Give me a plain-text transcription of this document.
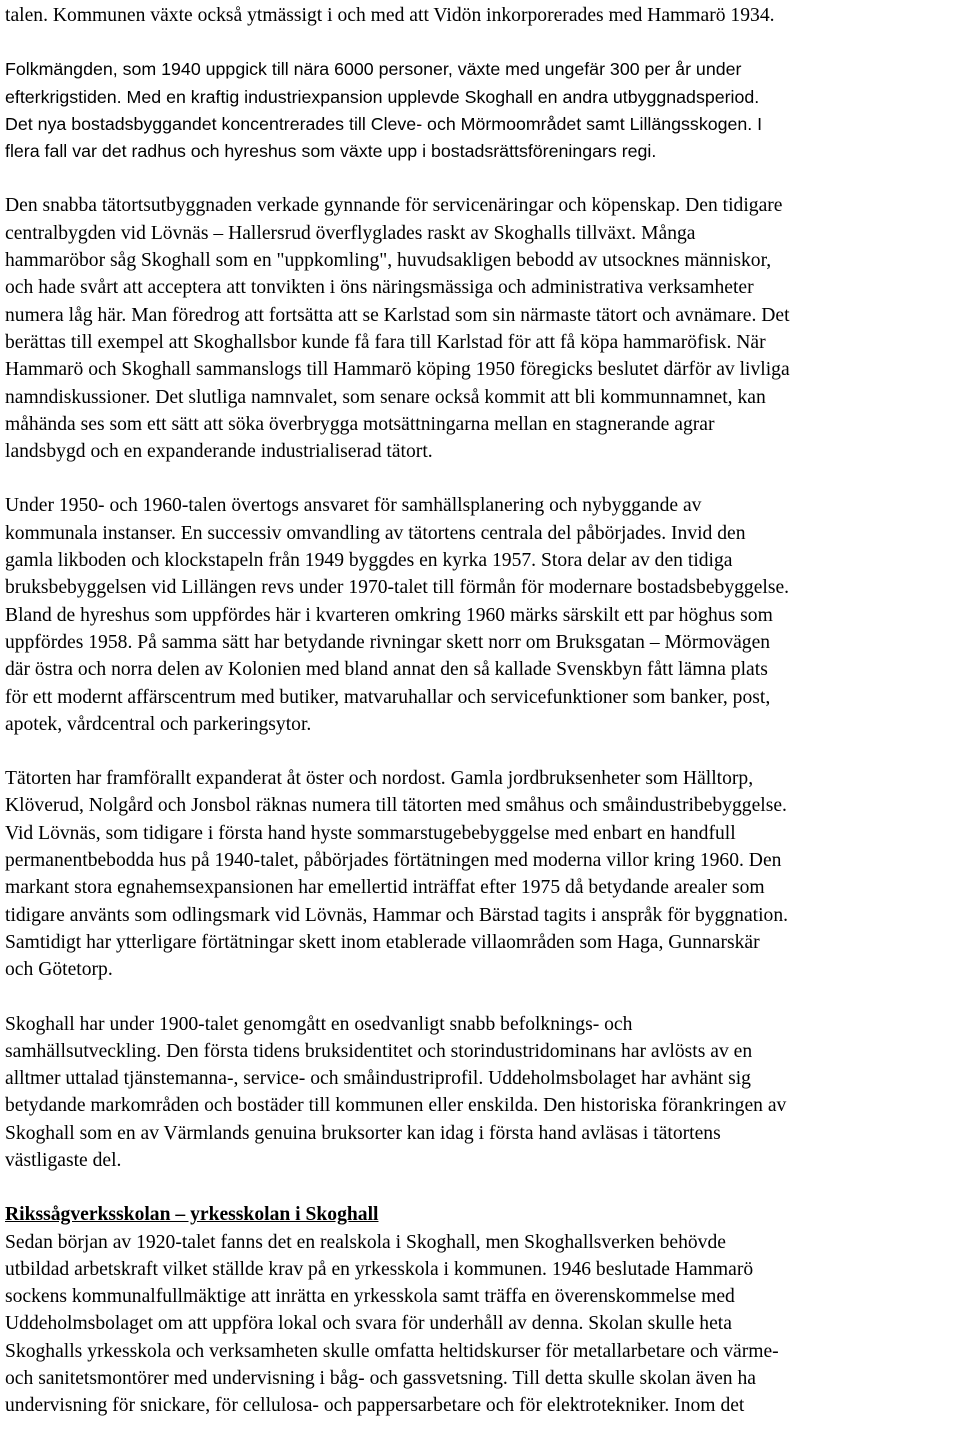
talen. Kommunen växte också ytmässigt i och med att Vidön inkorporerades med Hammarö 1934.

Folkmängden, som 1940 uppgick till nära 6000 personer, växte med ungefär 300 per år under
efterkrigstiden. Med en kraftig industriexpansion upplevde Skoghall en andra utbyggnadsperiod.
Det nya bostadsbyggandet koncentrerades till Cleve- och Mörmoområdet samt Lillängsskogen. I
flera fall var det radhus och hyreshus som växte upp i bostadsrättsföreningars regi.

Den snabba tätortsutbyggnaden verkade gynnande för servicenäringar och köpenskap. Den tidigare
centralbygden vid Lövnäs – Hallersrud överflyglades raskt av Skoghalls tillväxt. Många
hammaröbor såg Skoghall som en "uppkomling", huvudsakligen bebodd av utsocknes människor,
och hade svårt att acceptera att tonvikten i öns näringsmässiga och administrativa verksamheter
numera låg här. Man föredrog att fortsätta att se Karlstad som sin närmaste tätort och avnämare. Det
berättas till exempel att Skoghallsbor kunde få fara till Karlstad för att få köpa hammaröfisk. När
Hammarö och Skoghall sammanslogs till Hammarö köping 1950 föregicks beslutet därför av livliga
namndiskussioner. Det slutliga namnvalet, som senare också kommit att bli kommunnamnet, kan
måhända ses som ett sätt att söka överbrygga motsättningarna mellan en stagnerande agrar
landsbygd och en expanderande industrialiserad tätort.

Under 1950- och 1960-talen övertogs ansvaret för samhällsplanering och nybyggande av
kommunala instanser. En successiv omvandling av tätortens centrala del påbörjades. Invid den
gamla likboden och klockstapeln från 1949 byggdes en kyrka 1957. Stora delar av den tidiga
bruksbebyggelsen vid Lillängen revs under 1970-talet till förmån för modernare bostadsbebyggelse.
Bland de hyreshus som uppfördes här i kvarteren omkring 1960 märks särskilt ett par höghus som
uppfördes 1958. På samma sätt har betydande rivningar skett norr om Bruksgatan – Mörmovägen
där östra och norra delen av Kolonien med bland annat den så kallade Svenskbyn fått lämna plats
för ett modernt affärscentrum med butiker, matvaruhallar och servicefunktioner som banker, post,
apotek, vårdcentral och parkeringsytor.

Tätorten har framförallt expanderat åt öster och nordost. Gamla jordbruksenheter som Hälltorp,
Klöverud, Nolgård och Jonsbol räknas numera till tätorten med småhus och småindustribebyggelse.
Vid Lövnäs, som tidigare i första hand hyste sommarstugebebyggelse med enbart en handfull
permanentbebodda hus på 1940-talet, påbörjades förtätningen med moderna villor kring 1960. Den
markant stora egnahemsexpansionen har emellertid inträffat efter 1975 då betydande arealer som
tidigare använts som odlingsmark vid Lövnäs, Hammar och Bärstad tagits i anspråk för byggnation.
Samtidigt har ytterligare förtätningar skett inom etablerade villaområden som Haga, Gunnarskär
och Götetorp.

Skoghall har under 1900-talet genomgått en osedvanligt snabb befolknings- och
samhällsutveckling. Den första tidens bruksidentitet och storindustridominans har avlösts av en
alltmer uttalad tjänstemanna-, service- och småindustriprofil. Uddeholmsbolaget har avhänt sig
betydande markområden och bostäder till kommunen eller enskilda. Den historiska förankringen av
Skoghall som en av Värmlands genuina bruksorter kan idag i första hand avläsas i tätortens
västligaste del.

Rikssågverksskolan – yrkesskolan i Skoghall

Sedan början av 1920-talet fanns det en realskola i Skoghall, men Skoghallsverken behövde
utbildad arbetskraft vilket ställde krav på en yrkesskola i kommunen. 1946 beslutade Hammarö
sockens kommunalfullmäktige att inrätta en yrkesskola samt träffa en överenskommelse med
Uddeholmsbolaget om att uppföra lokal och svara för underhåll av denna. Skolan skulle heta
Skoghalls yrkesskola och verksamheten skulle omfatta heltidskurser för metallarbetare och värme-
och sanitetsmontörer med undervisning i båg- och gassvetsning. Till detta skulle skolan även ha
undervisning för snickare, för cellulosa- och pappersarbetare och för elektrotekniker. Inom det
